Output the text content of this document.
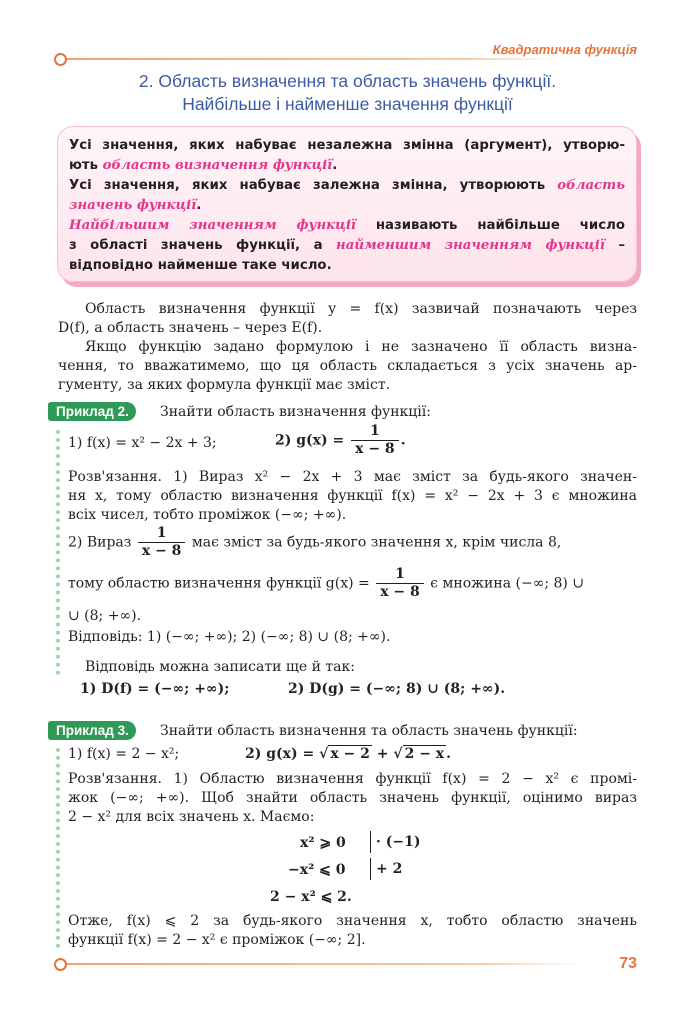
Квадратична функція
2. Область визначення та область значень функції.
Найбільше і найменше значення функції

Усі значення, яких набуває незалежна змінна (аргумент), утворю-

ють область визначення функції.

Усі значення, яких набуває залежна змінна, утворюють область

значень функції.

Найбільшим значенням функції називають найбільше число

з області значень функції, а найменшим значенням функції –

відповідно найменше таке число.

Область визначення функції y = f(x) зазвичай позначають через
D(f), а область значень – через E(f).
Якщо функцію задано формулою і не зазначено її область визна-
чення, то вважатимемо, що ця область складається з усіх значень ар-
гументу, за яких формула функції має зміст.
Приклад 2.	Знайти область визначення функції:
1) f(x) = x² − 2x + 3;	2) $g(x) = \frac{1}{x - 8}$ .
Розв'язання. 1) Вираз x² − 2x + 3 має зміст за будь-якого значен-
ня x, тому областю визначення функції f(x) = x² − 2x + 3 є множина
всіх чисел, тобто проміжок (−∞; +∞).
2) Вираз $\frac{1}{x - 8}$ має зміст за будь-якого значення x, крім числа 8,
тому областю визначення функції $g(x) = \frac{1}{x - 8}$ є множина (−∞; 8) ∪
∪ (8; +∞).
Відповідь: 1) (−∞; +∞); 2) (−∞; 8) ∪ (8; +∞).
Відповідь можна записати ще й так:
1) D(f) = (−∞; +∞);	2) D(g) = (−∞; 8) ∪ (8; +∞).
Приклад 3.	Знайти область визначення та область значень функції:
1) f(x) = 2 − x²;	2) g(x) = √ x − 2 + √ 2 − x .
Розв'язання. 1) Областю визначення функції f(x) = 2 − x² є промі-
жок (−∞; +∞). Щоб знайти область значень функції, оцінимо вираз
2 − x² для всіх значень x. Маємо:
x² ⩾ 0	· (−1)
−x² ⩽ 0	+ 2
2 − x² ⩽ 2.
Отже, f(x) ⩽ 2 за будь-якого значення x, тобто областю значень
функції f(x) = 2 − x² є проміжок (−∞; 2].
73
